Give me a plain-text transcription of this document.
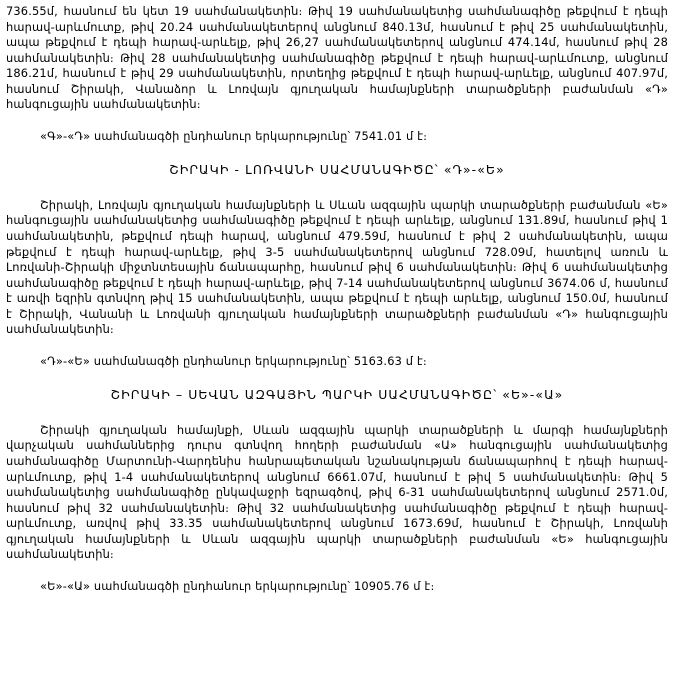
736.55մ, հասնում են կետ 19 սահմանակետին։ Թիվ 19 սահմանակետից սահմանագիծը թեքվում է դեպի հարավ-արևմուտք, թիվ 20.24 սահմանակետերով անցնում 840.13մ, հասնում է թիվ 25 սահմանակետին, ապա թեքվում է դեպի հարավ-արևելք, թիվ 26,27 սահմանակետերով անցնում 474.14մ, հասնում թիվ 28 սահմանակետին։ Թիվ 28 սահմանակետից սահմանագիծը թեքվում է դեպի հարավ-արևմուտք, անցնում 186.21մ, հասնում է թիվ 29 սահմանակետին, որտեղից թեքվում է դեպի հարավ-արևելք, անցնում 407.97մ, հասնում Շիրակի, Վանաձոր և Լոռվայն գյուղական համայնքների տարածքների բաժանման «Դ» հանգուցային սահմանակետին։

«Գ»-«Դ» սահմանագծի ընդհանուր երկարությունը՝ 7541.01 մ է։

ՇԻՐԱԿԻ - ԼՈՌՎԱՆԻ ՍԱՀՄԱՆԱԳԻԾԸ՝ «Դ»-«Ե»

Շիրակի, Լոռվայն գյուղական համայնքների և Սևան ազգային պարկի տարածքների բաժանման «Ե» հանգուցային սահմանակետից սահմանագիծը թեքվում է դեպի արևելք, անցնում 131.89մ, հասնում թիվ 1 սահմանակետին, թեքվում դեպի հարավ, անցնում 479.59մ, հասնում է թիվ 2 սահմանակետին, ապա թեքվում է դեպի հարավ-արևելք, թիվ 3-5 սահմանակետերով անցնում 728.09մ, հատելով առուն և Լոռվանի-Շիրակի միջտնտեսային ճանապարհը, հասնում թիվ 6 սահմանակետին։ Թիվ 6 սահմանակետից սահմանագիծը թեքվում է դեպի հարավ-արևելք, թիվ 7-14 սահմանակետերով անցնում 3674.06 մ, հասնում է առվի եզրին գտնվող թիվ 15 սահմանակետին, ապա թեքվում է դեպի արևելք, անցնում 150.0մ, հասնում է Շիրակի, Վանանի և Լոռվանի գյուղական համայնքների տարածքների բաժանման «Դ» հանգուցային սահմանակետին։

«Դ»-«Ե» սահմանագծի ընդհանուր երկարությունը՝ 5163.63 մ է։

ՇԻՐԱԿԻ – ՍԵՎԱՆ ԱԶԳԱՅԻՆ ՊԱՐԿԻ ՍԱՀՄԱՆԱԳԻԾԸ՝ «Ե»-«Ա»

Շիրակի գյուղական համայնքի, Սևան ազգային պարկի տարածքների և մարգի համայնքների վարչական սահմաններից դուրս գտնվող հողերի բաժանման «Ա» հանգուցային սահմանակետից սահմանագիծը Մարտունի-Վարդենիս հանրապետական նշանակության ճանապարհով է դեպի հարավ-արևմուտք, թիվ 1-4 սահմանակետերով անցնում 6661.07մ, հասնում է թիվ 5 սահմանակետին։ Թիվ 5 սահմանակետից սահմանագիծը ընկավաջրի եզրագծով, թիվ 6-31 սահմանակետերով անցնում 2571.0մ, հասնում թիվ 32 սահմանակետին։ Թիվ 32 սահմանակետից սահմանագիծը թեքվում է դեպի հարավ-արևմուտք, առվով թիվ 33.35 սահմանակետերով անցնում 1673.69մ, հասնում է Շիրակի, Լոռվանի գյուղական համայնքների և Սևան ազգային պարկի տարածքների բաժանման «Ե» հանգուցային սահմանակետին։

«Ե»-«Ա» սահմանագծի ընդհանուր երկարությունը՝ 10905.76 մ է։
